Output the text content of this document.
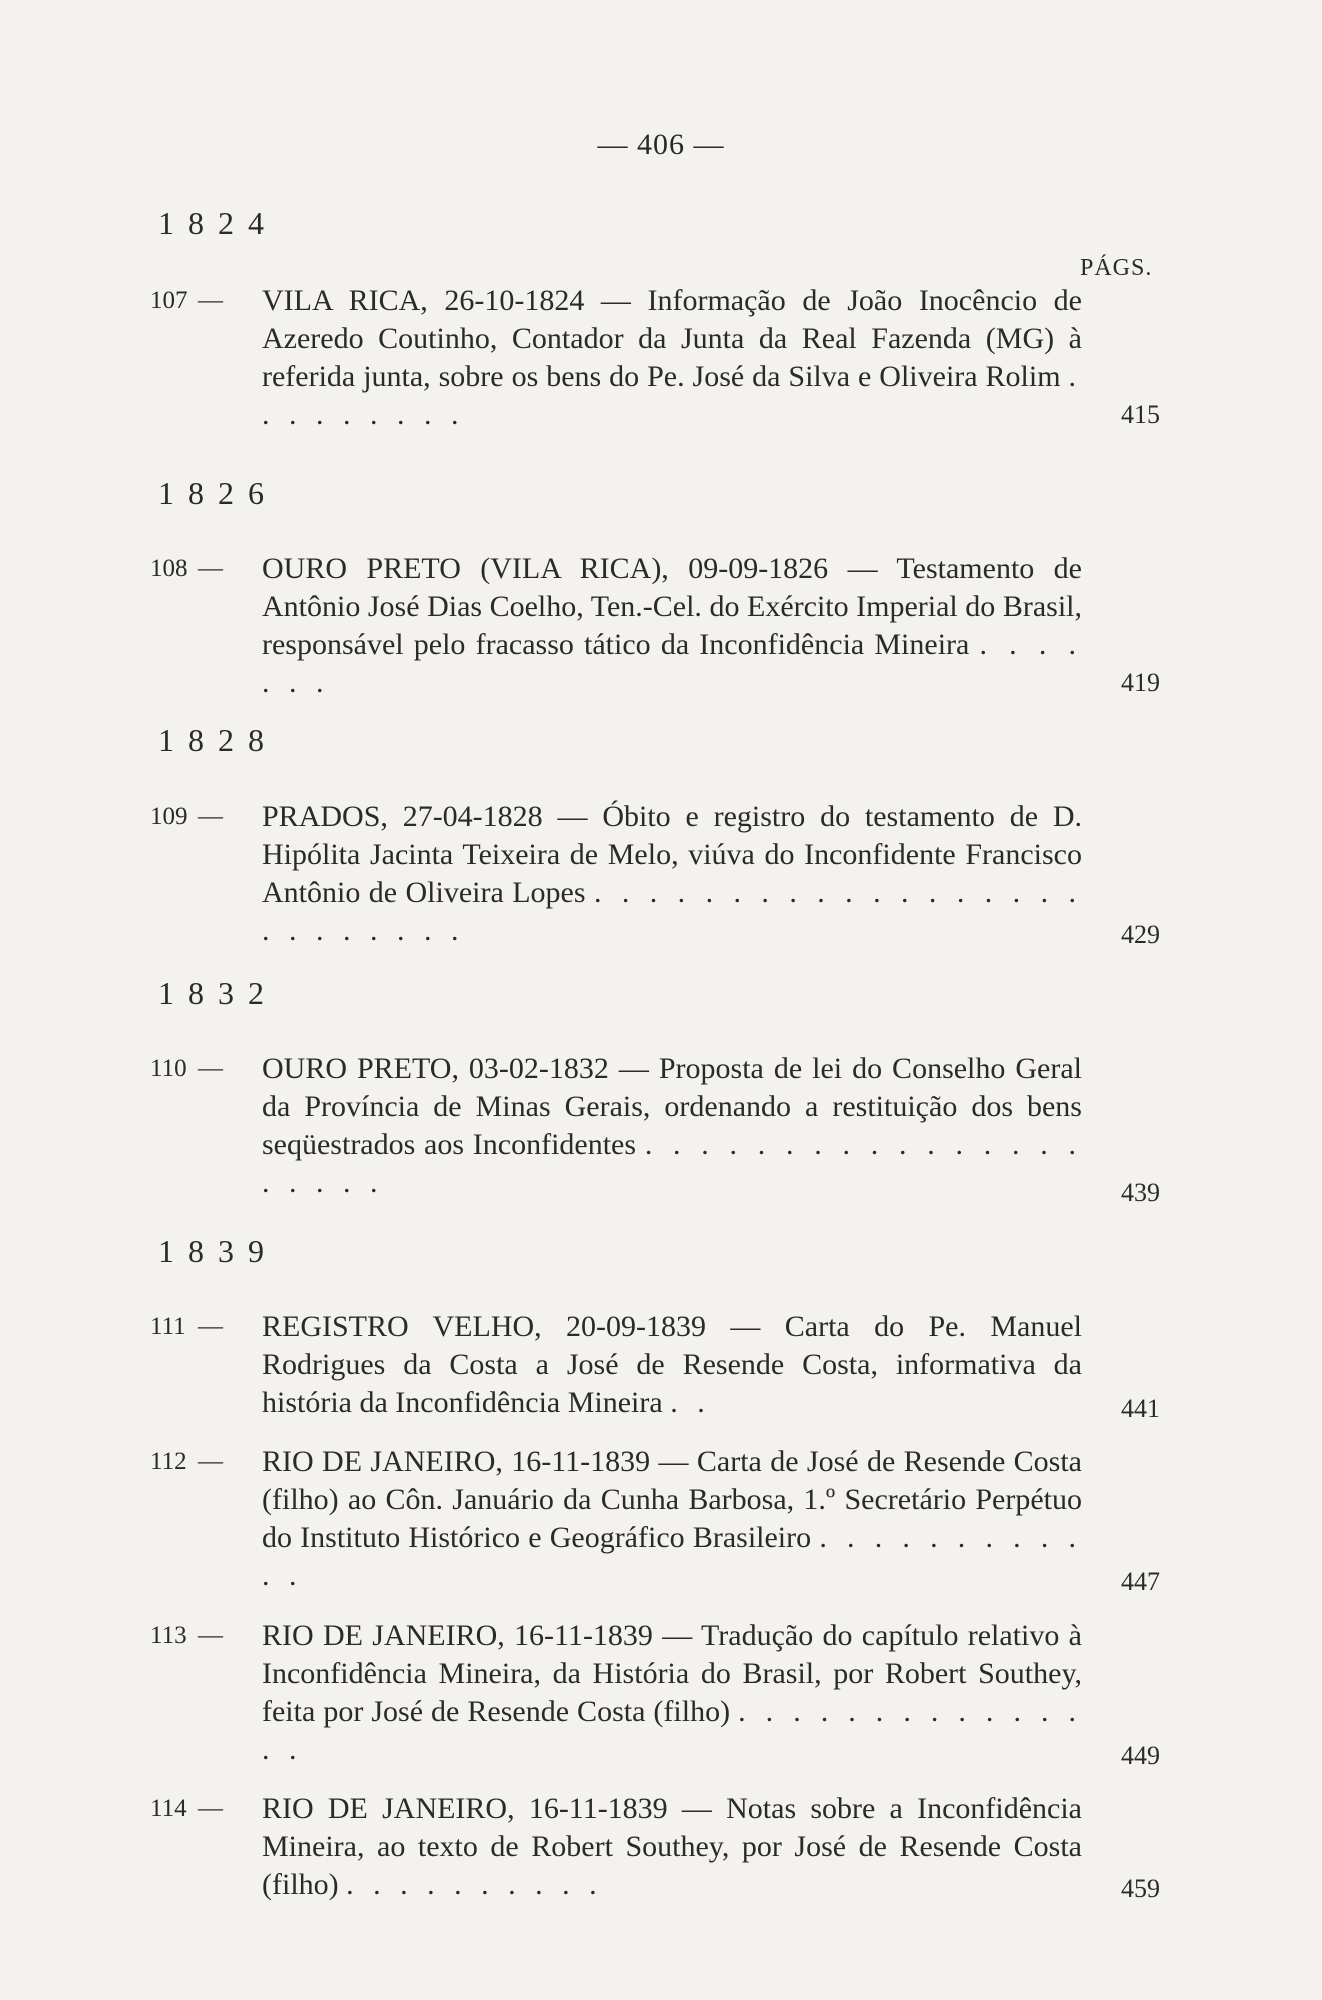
— 406 —
PÁGS.
1824
107 —	VILA RICA, 26-10-1824 — Informação de João Inocêncio de Azeredo Coutinho, Contador da Junta da Real Fazenda (MG) à referida junta, sobre os bens do Pe. José da Silva e Oliveira Rolim . . . . . . . . .	415
1826
108 —	OURO PRETO (VILA RICA), 09-09-1826 — Testamento de Antônio José Dias Coelho, Ten.-Cel. do Exército Imperial do Brasil, responsável pelo fracasso tático da Inconfidência Mineira . . . . . . .	419
1828
109 —	PRADOS, 27-04-1828 — Óbito e registro do testamento de D. Hipólita Jacinta Teixeira de Melo, viúva do Inconfidente Francisco Antônio de Oliveira Lopes . . . . . . . . . . . . . . . . . . . . . . . . . .	429
1832
110 —	OURO PRETO, 03-02-1832 — Proposta de lei do Conselho Geral da Província de Minas Gerais, ordenando a restituição dos bens seqüestrados aos Inconfidentes . . . . . . . . . . . . . . . . . . . . .	439
1839
111 —	REGISTRO VELHO, 20-09-1839 — Carta do Pe. Manuel Rodrigues da Costa a José de Resende Costa, informativa da história da Inconfidência Mineira . .	441
112 —	RIO DE JANEIRO, 16-11-1839 — Carta de José de Resende Costa (filho) ao Côn. Januário da Cunha Barbosa, 1.º Secretário Perpétuo do Instituto Histórico e Geográfico Brasileiro . . . . . . . . . . . .	447
113 —	RIO DE JANEIRO, 16-11-1839 — Tradução do capítulo relativo à Inconfidência Mineira, da História do Brasil, por Robert Southey, feita por José de Resende Costa (filho) . . . . . . . . . . . . . . .	449
114 —	RIO DE JANEIRO, 16-11-1839 — Notas sobre a Inconfidência Mineira, ao texto de Robert Southey, por José de Resende Costa (filho) . . . . . . . . . .	459
